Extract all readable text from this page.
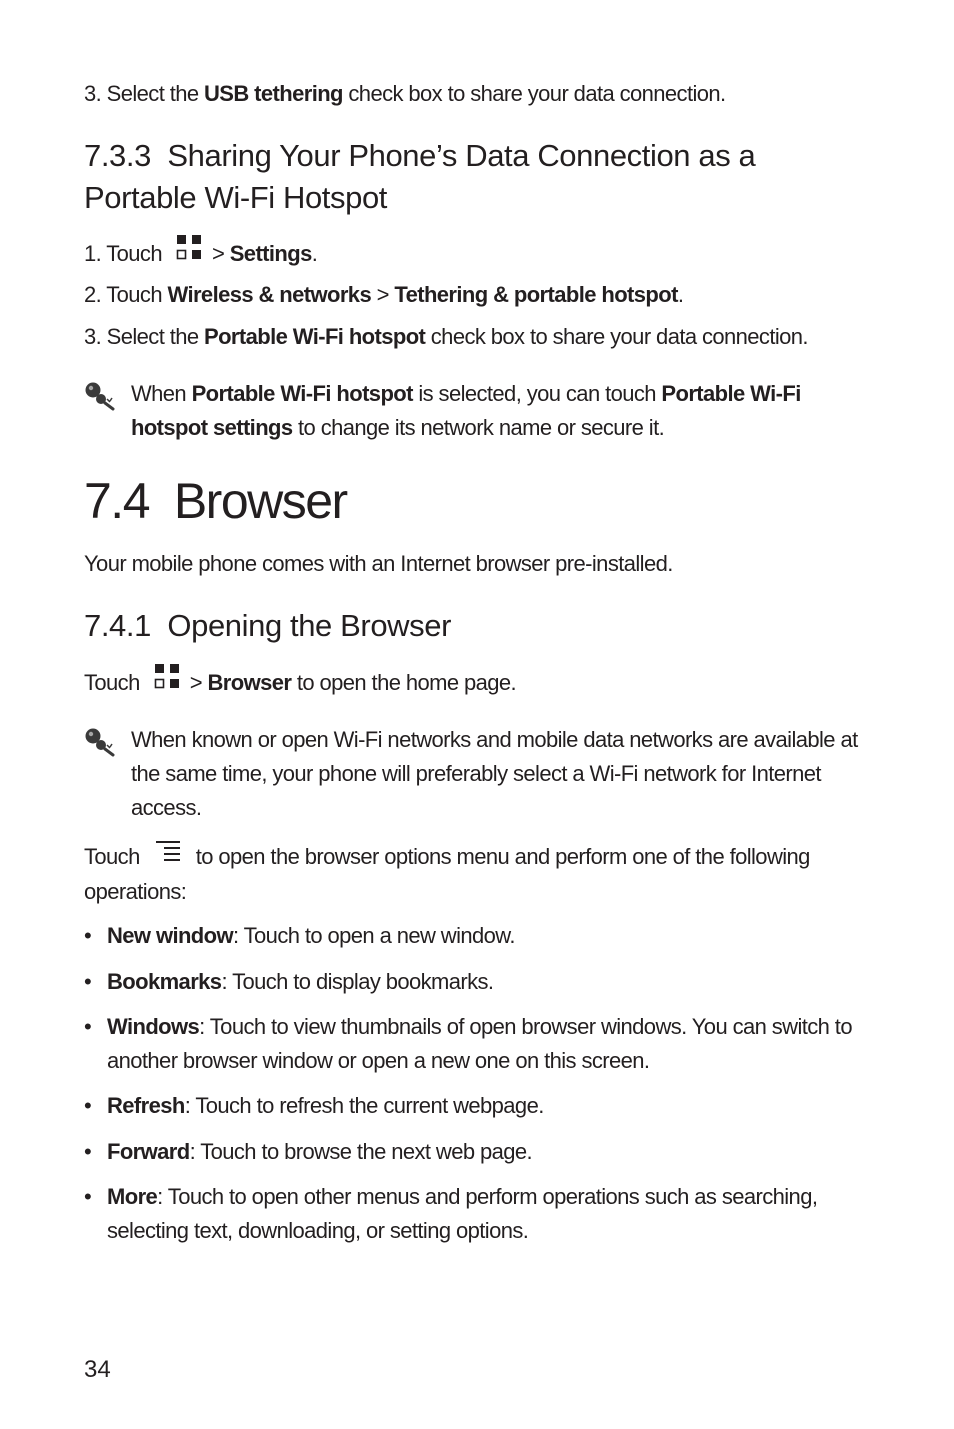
3. Select the USB tethering check box to share your data connection.

7.3.3 Sharing Your Phone’s Data Connection as a Portable Wi-Fi Hotspot

1. Touch > Settings.

2. Touch Wireless & networks > Tethering & portable hotspot.

3. Select the Portable Wi-Fi hotspot check box to share your data connection.

When Portable Wi-Fi hotspot is selected, you can touch Portable Wi-Fi hotspot settings to change its network name or secure it.

7.4 Browser

Your mobile phone comes with an Internet browser pre-installed.

7.4.1 Opening the Browser

Touch > Browser to open the home page.

When known or open Wi-Fi networks and mobile data networks are available at the same time, your phone will preferably select a Wi-Fi network for Internet access.

Touch	to open the browser options menu and perform one of the following operations:

• New window: Touch to open a new window.
• Bookmarks: Touch to display bookmarks.
• Windows: Touch to view thumbnails of open browser windows. You can switch to another browser window or open a new one on this screen.
• Refresh: Touch to refresh the current webpage.
• Forward: Touch to browse the next web page.
• More: Touch to open other menus and perform operations such as searching, selecting text, downloading, or setting options.
34
